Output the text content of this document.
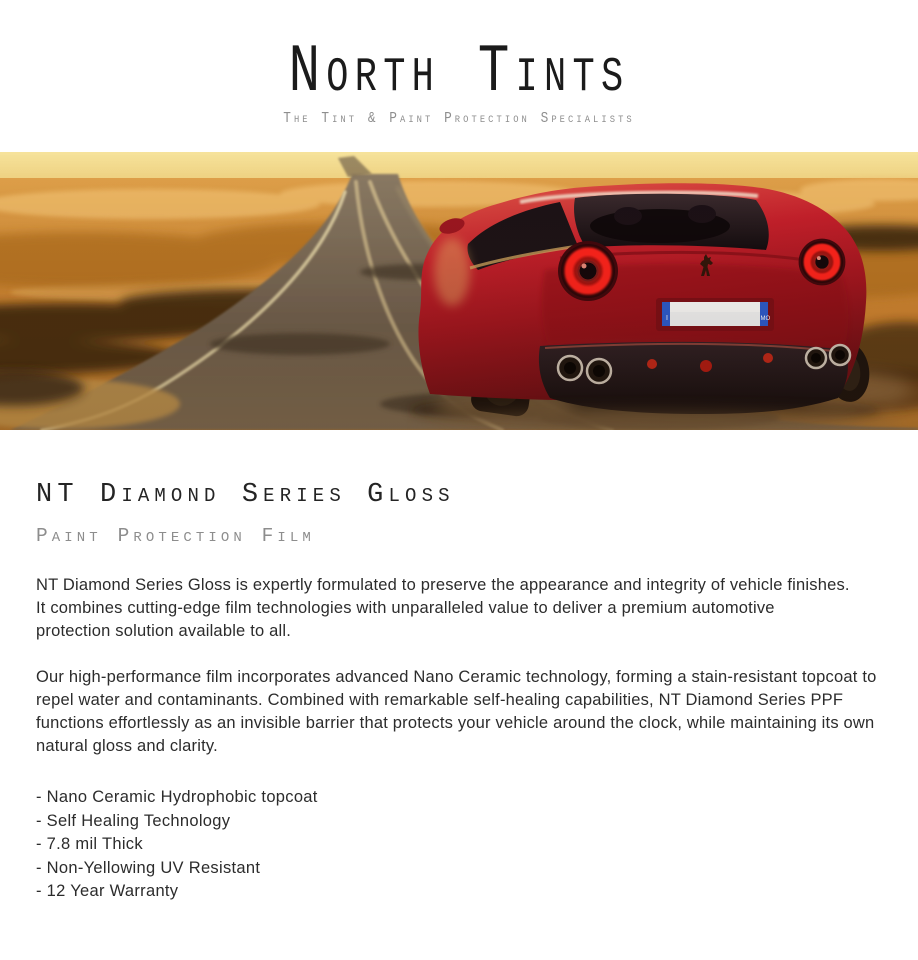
North Tints
The Tint & Paint Protection Specialists
NT Diamond Series Gloss
Paint Protection Film

NT Diamond Series Gloss is expertly formulated to preserve the appearance and integrity of vehicle finishes. It combines cutting-edge film technologies with unparalleled value to deliver a premium automotive protection solution available to all.

Our high-performance film incorporates advanced Nano Ceramic technology, forming a stain-resistant topcoat to repel water and contaminants. Combined with remarkable self-healing capabilities, NT Diamond Series PPF functions effortlessly as an invisible barrier that protects your vehicle around the clock, while maintaining its own natural gloss and clarity.

- Nano Ceramic Hydrophobic topcoat
- Self Healing Technology
- 7.8 mil Thick
- Non-Yellowing UV Resistant
- 12 Year Warranty
